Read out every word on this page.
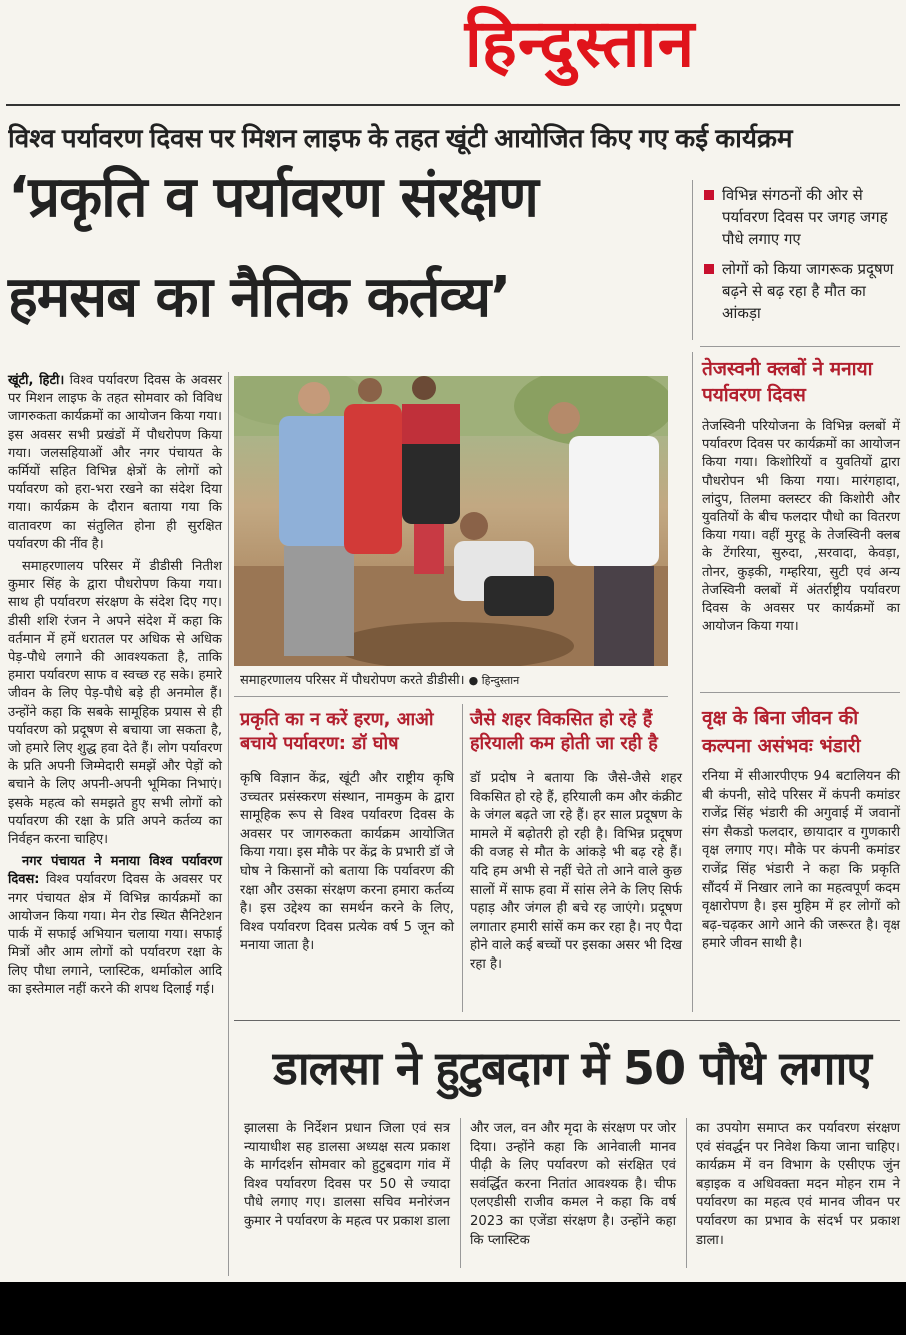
हिन्दुस्तान
विश्व पर्यावरण दिवस पर मिशन लाइफ के तहत खूंटी आयोजित किए गए कई कार्यक्रम
‘प्रकृति व पर्यावरण संरक्षण
हमसब का नैतिक कर्तव्य’
विभिन्न संगठनों की ओर से पर्यावरण दिवस पर जगह जगह पौधे लगाए गए
लोगों को किया जागरूक प्रदूषण बढ़ने से बढ़ रहा है मौत का आंकड़ा

खूंटी, हिटी। विश्व पर्यावरण दिवस के अवसर पर मिशन लाइफ के तहत सोमवार को विविध जागरुकता कार्यक्रमों का आयोजन किया गया। इस अवसर सभी प्रखंडों में पौधरोपण किया गया। जलसहियाओं और नगर पंचायत के कर्मियों सहित विभिन्न क्षेत्रों के लोगों को पर्यावरण को हरा-भरा रखने का संदेश दिया गया। कार्यक्रम के दौरान बताया गया कि वातावरण का संतुलित होना ही सुरक्षित पर्यावरण की नींव है।

समाहरणालय परिसर में डीडीसी नितीश कुमार सिंह के द्वारा पौधरोपण किया गया। साथ ही पर्यावरण संरक्षण के संदेश दिए गए। डीसी शशि रंजन ने अपने संदेश में कहा कि वर्तमान में हमें धरातल पर अधिक से अधिक पेड़-पौधे लगाने की आवश्यकता है, ताकि हमारा पर्यावरण साफ व स्वच्छ रह सके। हमारे जीवन के लिए पेड़-पौधे बड़े ही अनमोल हैं। उन्होंने कहा कि सबके सामूहिक प्रयास से ही पर्यावरण को प्रदूषण से बचाया जा सकता है, जो हमारे लिए शुद्ध हवा देते हैं। लोग पर्यावरण के प्रति अपनी जिम्मेदारी समझें और पेड़ों को बचाने के लिए अपनी-अपनी भूमिका निभाएं। इसके महत्व को समझते हुए सभी लोगों को पर्यावरण की रक्षा के प्रति अपने कर्तव्य का निर्वहन करना चाहिए।

नगर पंचायत ने मनाया विश्व पर्यावरण दिवस: विश्व पर्यावरण दिवस के अवसर पर नगर पंचायत क्षेत्र में विभिन्न कार्यक्रमों का आयोजन किया गया। मेन रोड स्थित सैनिटेशन पार्क में सफाई अभियान चलाया गया। सफाई मित्रों और आम लोगों को पर्यावरण रक्षा के लिए पौधा लगाने, प्लास्टिक, थर्माकोल आदि का इस्तेमाल नहीं करने की शपथ दिलाई गई।

समाहरणालय परिसर में पौधरोपण करते डीडीसी। ● हिन्दुस्तान
तेजस्वनी क्लबों ने मनाया पर्यावरण दिवस
तेजस्विनी परियोजना के विभिन्न क्लबों में पर्यावरण दिवस पर कार्यक्रमों का आयोजन किया गया। किशोरियों व युवतियों द्वारा पौधरोपन भी किया गया। मारंगहादा, लांदुप, तिलमा क्लस्टर की किशोरी और युवतियों के बीच फलदार पौधो का वितरण किया गया। वहीं मुरहू के तेजस्विनी क्लब के टेंगरिया, सुरुदा, ,सरवादा, केवड़ा, तोनर, कुड़की, गम्हरिया, सुटी एवं अन्य तेजस्विनी क्लबों में अंतर्राष्ट्रीय पर्यावरण दिवस के अवसर पर कार्यक्रमों का आयोजन किया गया।
प्रकृति का न करें हरण, आओ बचाये पर्यावरण: डॉ घोष
कृषि विज्ञान केंद्र, खूंटी और राष्ट्रीय कृषि उच्चतर प्रसंस्करण संस्थान, नामकुम के द्वारा सामूहिक रूप से विश्व पर्यावरण दिवस के अवसर पर जागरुकता कार्यक्रम आयोजित किया गया। इस मौके पर केंद्र के प्रभारी डॉ जे घोष ने किसानों को बताया कि पर्यावरण की रक्षा और उसका संरक्षण करना हमारा कर्तव्य है। इस उद्देश्य का समर्थन करने के लिए, विश्व पर्यावरण दिवस प्रत्येक वर्ष 5 जून को मनाया जाता है।
जैसे शहर विकसित हो रहे हैं हरियाली कम होती जा रही है
डॉ प्रदोष ने बताया कि जैसे-जैसे शहर विकसित हो रहे हैं, हरियाली कम और कंक्रीट के जंगल बढ़ते जा रहे हैं। हर साल प्रदूषण के मामले में बढ़ोतरी हो रही है। विभिन्न प्रदूषण की वजह से मौत के आंकड़े भी बढ़ रहे हैं। यदि हम अभी से नहीं चेते तो आने वाले कुछ सालों में साफ हवा में सांस लेने के लिए सिर्फ पहाड़ और जंगल ही बचे रह जाएंगे। प्रदूषण लगातार हमारी सांसें कम कर रहा है। नए पैदा होने वाले कई बच्चों पर इसका असर भी दिख रहा है।
वृक्ष के बिना जीवन की कल्पना असंभवः भंडारी
रनिया में सीआरपीएफ 94 बटालियन की बी कंपनी, सोदे परिसर में कंपनी कमांडर राजेंद्र सिंह भंडारी की अगुवाई में जवानों संग सैकडो फलदार, छायादार व गुणकारी वृक्ष लगाए गए। मौके पर कंपनी कमांडर राजेंद्र सिंह भंडारी ने कहा कि प्रकृति सौंदर्य में निखार लाने का महत्वपूर्ण कदम वृक्षारोपण है। इस मुहिम में हर लोगों को बढ़-चढ़कर आगे आने की जरूरत है। वृक्ष हमारे जीवन साथी है।
डालसा ने हुटुबदाग में 50 पौधे लगाए
झालसा के निर्देशन प्रधान जिला एवं सत्र न्यायाधीश सह डालसा अध्यक्ष सत्य प्रकाश के मार्गदर्शन सोमवार को हुटुबदाग गांव में विश्व पर्यावरण दिवस पर 50 से ज्यादा पौधे लगाए गए। डालसा सचिव मनोरंजन कुमार ने पर्यावरण के महत्व पर प्रकाश डाला
और जल, वन और मृदा के संरक्षण पर जोर दिया। उन्होंने कहा कि आनेवाली मानव पीढ़ी के लिए पर्यावरण को संरक्षित एवं सवंर्द्धित करना नितांत आवश्यक है। चीफ एलएडीसी राजीव कमल ने कहा कि वर्ष 2023 का एजेंडा संरक्षण है। उन्होंने कहा कि प्लास्टिक
का उपयोग समाप्त कर पर्यावरण संरक्षण एवं संवर्द्धन पर निवेश किया जाना चाहिए। कार्यक्रम में वन विभाग के एसीएफ जुंन बड़ाइक व अधिवक्ता मदन मोहन राम ने पर्यावरण का महत्व एवं मानव जीवन पर पर्यावरण का प्रभाव के संदर्भ पर प्रकाश डाला।
